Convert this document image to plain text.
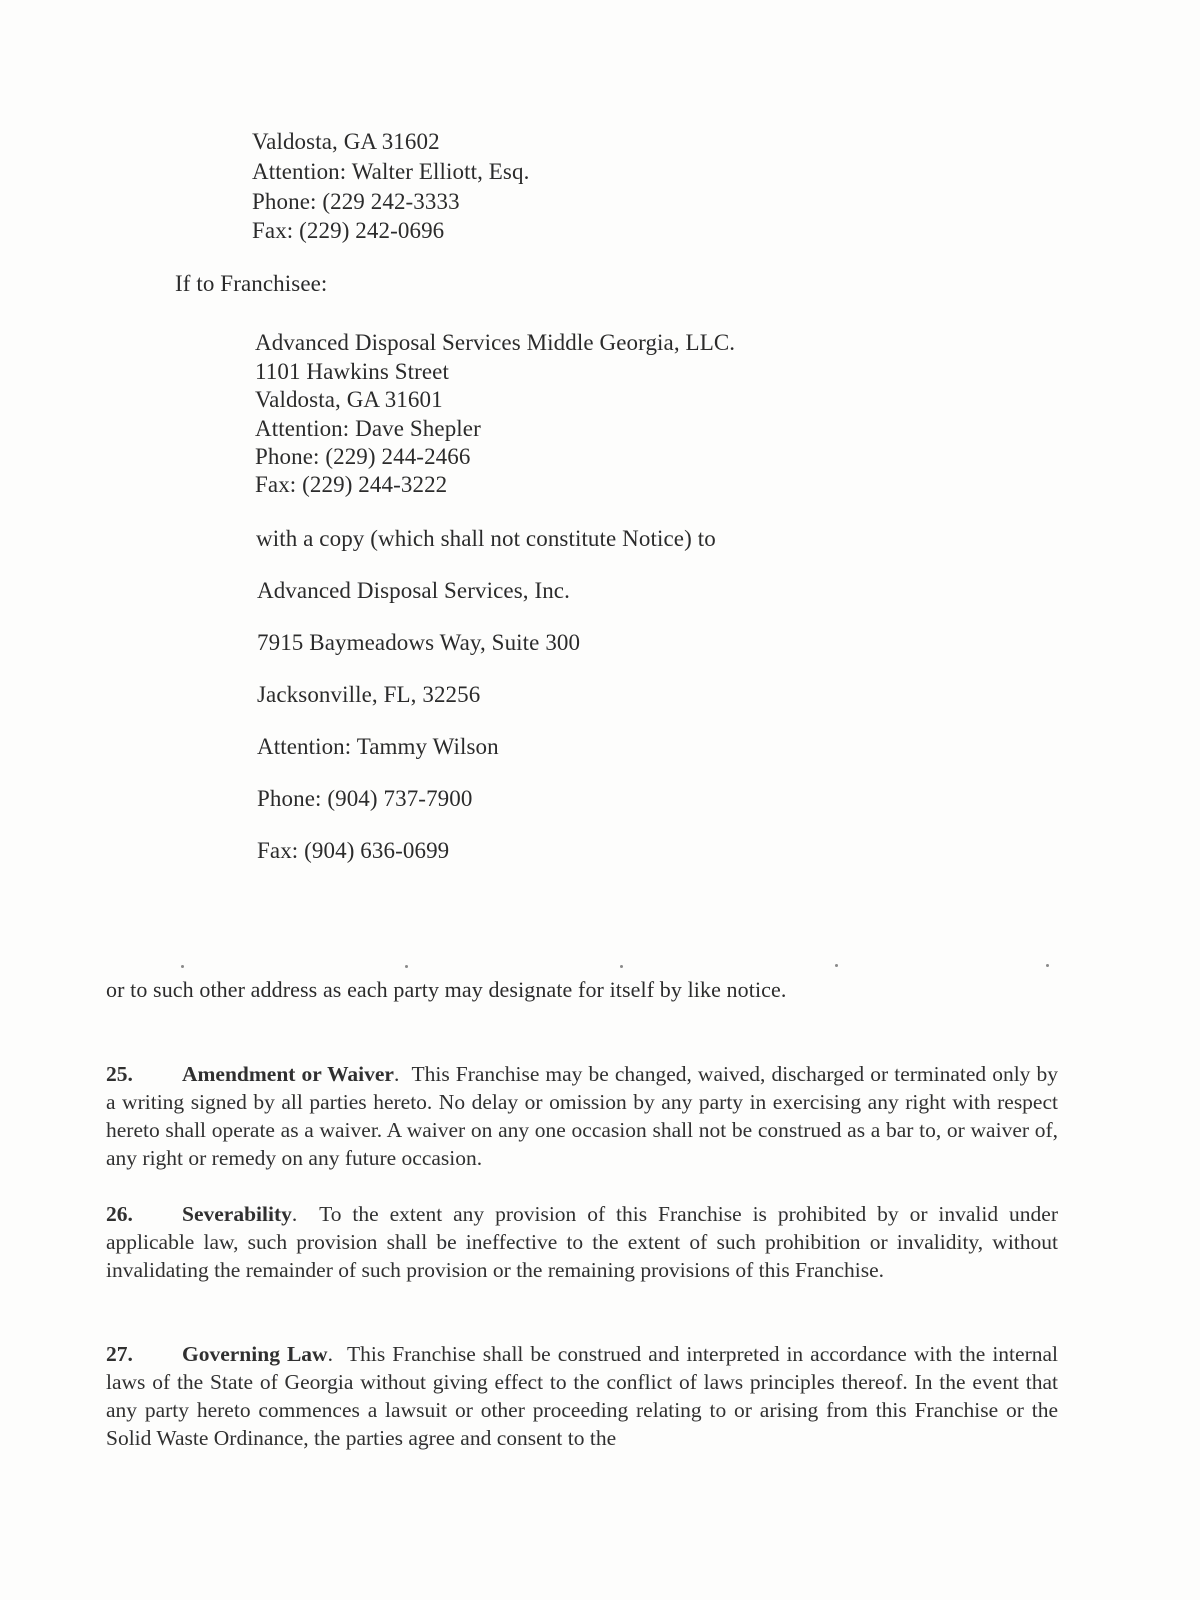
Valdosta, GA 31602
Attention: Walter Elliott, Esq.
Phone: (229 242-3333
Fax: (229) 242-0696
If to Franchisee:
Advanced Disposal Services Middle Georgia, LLC.
1101 Hawkins Street
Valdosta, GA 31601
Attention: Dave Shepler
Phone: (229) 244-2466
Fax: (229) 244-3222
with a copy (which shall not constitute Notice) to
Advanced Disposal Services, Inc.
7915 Baymeadows Way, Suite 300
Jacksonville, FL, 32256
Attention: Tammy Wilson
Phone: (904) 737-7900
Fax: (904) 636-0699
or to such other address as each party may designate for itself by like notice.
25. Amendment or Waiver.  This Franchise may be changed, waived, discharged or terminated only by a writing signed by all parties hereto. No delay or omission by any party in exercising any right with respect hereto shall operate as a waiver. A waiver on any one occasion shall not be construed as a bar to, or waiver of, any right or remedy on any future occasion.
26. Severability.  To the extent any provision of this Franchise is prohibited by or invalid under applicable law, such provision shall be ineffective to the extent of such prohibition or invalidity, without invalidating the remainder of such provision or the remaining provisions of this Franchise.
27. Governing Law.  This Franchise shall be construed and interpreted in accordance with the internal laws of the State of Georgia without giving effect to the conflict of laws principles thereof. In the event that any party hereto commences a lawsuit or other proceeding relating to or arising from this Franchise or the Solid Waste Ordinance, the parties agree and consent to the
